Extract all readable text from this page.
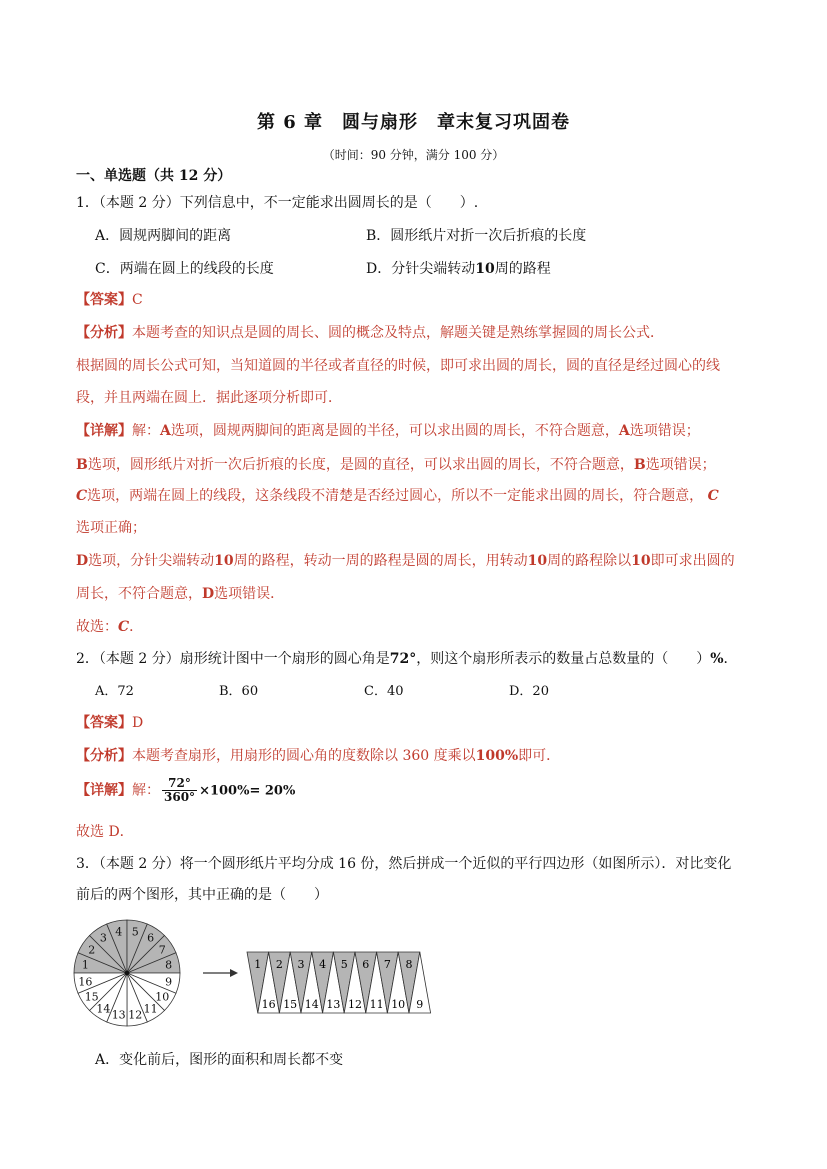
第 6 章　圆与扇形　章末复习巩固卷
（时间：90 分钟，满分 100 分）
一、单选题（共 12 分）
1．（本题 2 分）下列信息中，不一定能求出圆周长的是（　　）.
A．圆规两脚间的距离	B．圆形纸片对折一次后折痕的长度
C．两端在圆上的线段的长度	D．分针尖端转动10周的路程
【答案】C
【分析】本题考查的知识点是圆的周长、圆的概念及特点，解题关键是熟练掌握圆的周长公式．
根据圆的周长公式可知，当知道圆的半径或者直径的时候，即可求出圆的周长，圆的直径是经过圆心的线
段，并且两端在圆上．据此逐项分析即可．
【详解】解：A选项，圆规两脚间的距离是圆的半径，可以求出圆的周长，不符合题意，A选项错误；
B选项，圆形纸片对折一次后折痕的长度，是圆的直径，可以求出圆的周长，不符合题意，B选项错误；
C选项，两端在圆上的线段，这条线段不清楚是否经过圆心，所以不一定能求出圆的周长，符合题意， C
选项正确；
D选项，分针尖端转动10周的路程，转动一周的路程是圆的周长，用转动10周的路程除以10即可求出圆的
周长，不符合题意，D选项错误．
故选：C．
2．（本题 2 分）扇形统计图中一个扇形的圆心角是72°，则这个扇形所表示的数量占总数量的（　　）%．
A．72	B．60	C．40	D．20
【答案】D
【分析】本题考查扇形，用扇形的圆心角的度数除以 360 度乘以100%即可．
【详解】解： $\frac{72^\circ}{360^\circ} \times 100\%= 20\%$
故选 D．
3．（本题 2 分）将一个圆形纸片平均分成 16 份，然后拼成一个近似的平行四边形（如图所示）．对比变化
前后的两个图形，其中正确的是（　　）
1
2
3 4 5 6
7
8
9
10
11
12
13
14
15
16
1
16
2
15
3
14
4
13
5
12
6
11
7
10
8
9
A．变化前后，图形的面积和周长都不变
